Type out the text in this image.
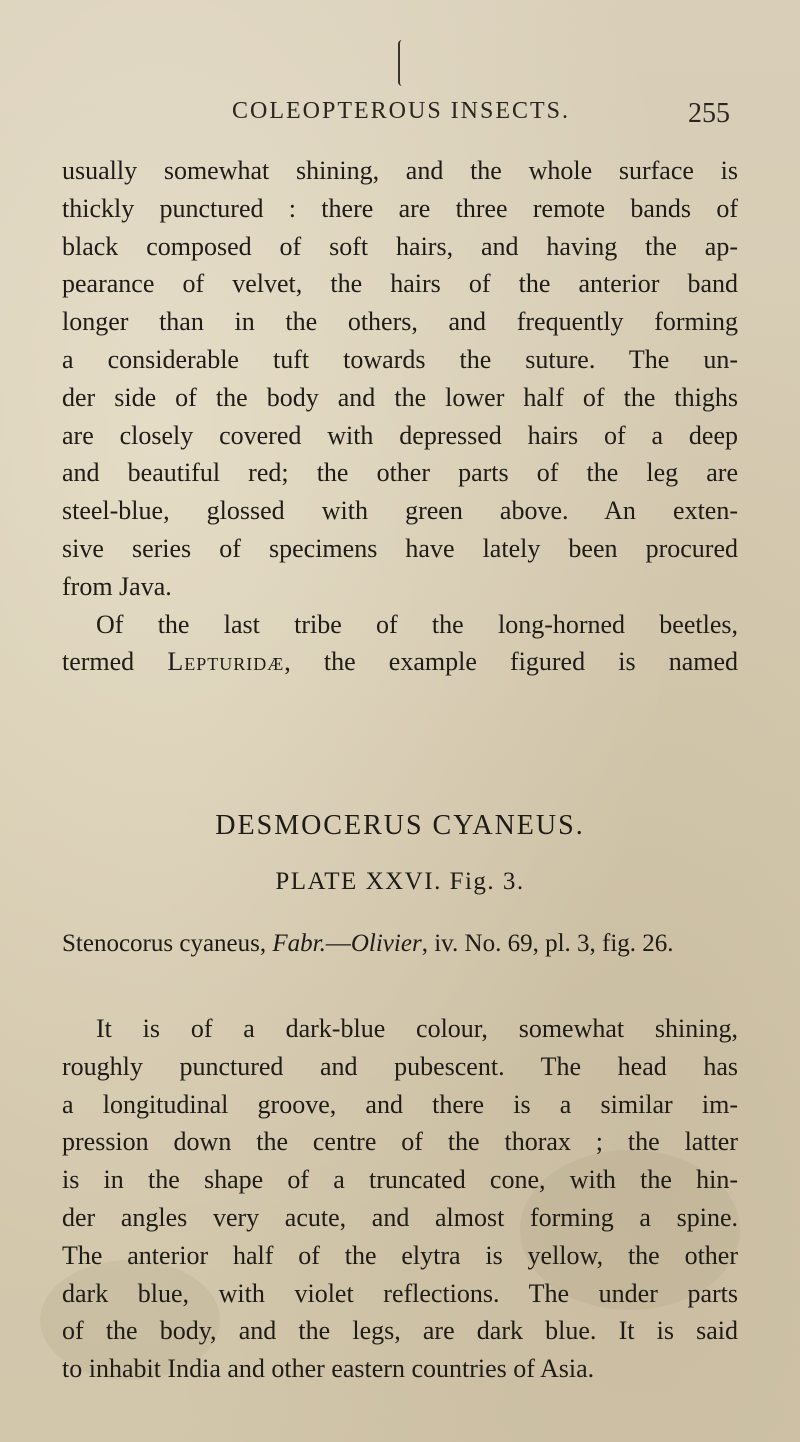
COLEOPTEROUS INSECTS.	255
usually somewhat shining, and the whole surface is
thickly punctured : there are three remote bands of
black composed of soft hairs, and having the ap-
pearance of velvet, the hairs of the anterior band
longer than in the others, and frequently forming
a considerable tuft towards the suture. The un-
der side of the body and the lower half of the thighs
are closely covered with depressed hairs of a deep
and beautiful red; the other parts of the leg are
steel-blue, glossed with green above. An exten-
sive series of specimens have lately been procured
from Java.
Of the last tribe of the long-horned beetles,
termed Lepturidæ, the example figured is named
DESMOCERUS CYANEUS.
PLATE XXVI. Fig. 3.
Stenocorus cyaneus, Fabr.—Olivier, iv. No. 69, pl. 3, fig. 26.
It is of a dark-blue colour, somewhat shining,
roughly punctured and pubescent. The head has
a longitudinal groove, and there is a similar im-
pression down the centre of the thorax ; the latter
is in the shape of a truncated cone, with the hin-
der angles very acute, and almost forming a spine.
The anterior half of the elytra is yellow, the other
dark blue, with violet reflections. The under parts
of the body, and the legs, are dark blue. It is said
to inhabit India and other eastern countries of Asia.
